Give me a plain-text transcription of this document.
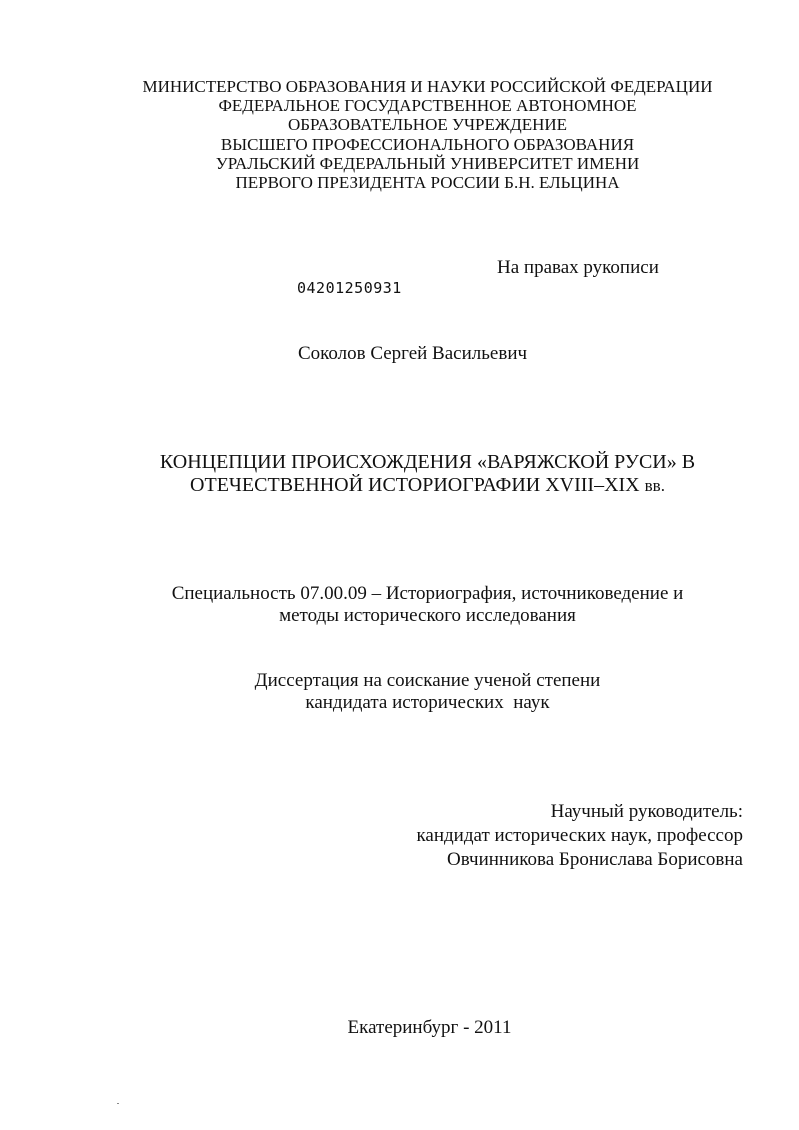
МИНИСТЕРСТВО ОБРАЗОВАНИЯ И НАУКИ РОССИЙСКОЙ ФЕДЕРАЦИИ
ФЕДЕРАЛЬНОЕ ГОСУДАРСТВЕННОЕ АВТОНОМНОЕ
ОБРАЗОВАТЕЛЬНОЕ УЧРЕЖДЕНИЕ
ВЫСШЕГО ПРОФЕССИОНАЛЬНОГО ОБРАЗОВАНИЯ
УРАЛЬСКИЙ ФЕДЕРАЛЬНЫЙ УНИВЕРСИТЕТ ИМЕНИ
ПЕРВОГО ПРЕЗИДЕНТА РОССИИ Б.Н. ЕЛЬЦИНА
На правах рукописи
04201250931
Соколов Сергей Васильевич
КОНЦЕПЦИИ ПРОИСХОЖДЕНИЯ «ВАРЯЖСКОЙ РУСИ» В
ОТЕЧЕСТВЕННОЙ ИСТОРИОГРАФИИ XVIII–XIX вв.
Специальность 07.00.09 – Историография, источниковедение и
методы исторического исследования
Диссертация на соискание ученой степени
кандидата исторических  наук
Научный руководитель:
кандидат исторических наук, профессор
Овчинникова Бронислава Борисовна
Екатеринбург - 2011
